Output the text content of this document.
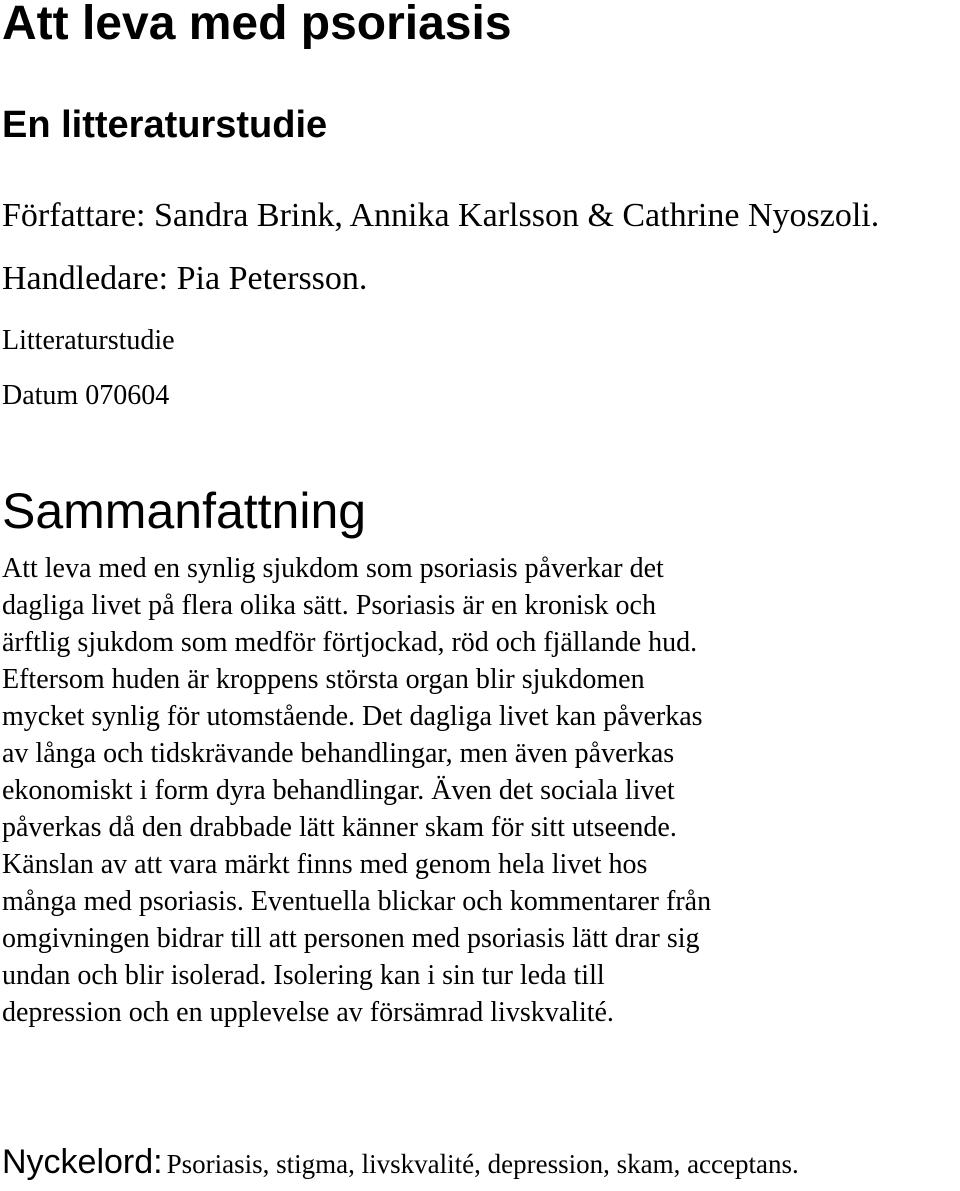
Att leva med psoriasis
En litteraturstudie
Författare: Sandra Brink, Annika Karlsson & Cathrine Nyoszoli.
Handledare: Pia Petersson.
Litteraturstudie
Datum 070604
Sammanfattning
Att leva med en synlig sjukdom som psoriasis påverkar det
dagliga livet på flera olika sätt. Psoriasis är en kronisk och
ärftlig sjukdom som medför förtjockad, röd och fjällande hud.
Eftersom huden är kroppens största organ blir sjukdomen
mycket synlig för utomstående. Det dagliga livet kan påverkas
av långa och tidskrävande behandlingar, men även påverkas
ekonomiskt i form dyra behandlingar. Även det sociala livet
påverkas då den drabbade lätt känner skam för sitt utseende.
Känslan av att vara märkt finns med genom hela livet hos
många med psoriasis. Eventuella blickar och kommentarer från
omgivningen bidrar till att personen med psoriasis lätt drar sig
undan och blir isolerad. Isolering kan i sin tur leda till
depression och en upplevelse av försämrad livskvalité.
Nyckelord: Psoriasis, stigma, livskvalité, depression, skam, acceptans.
